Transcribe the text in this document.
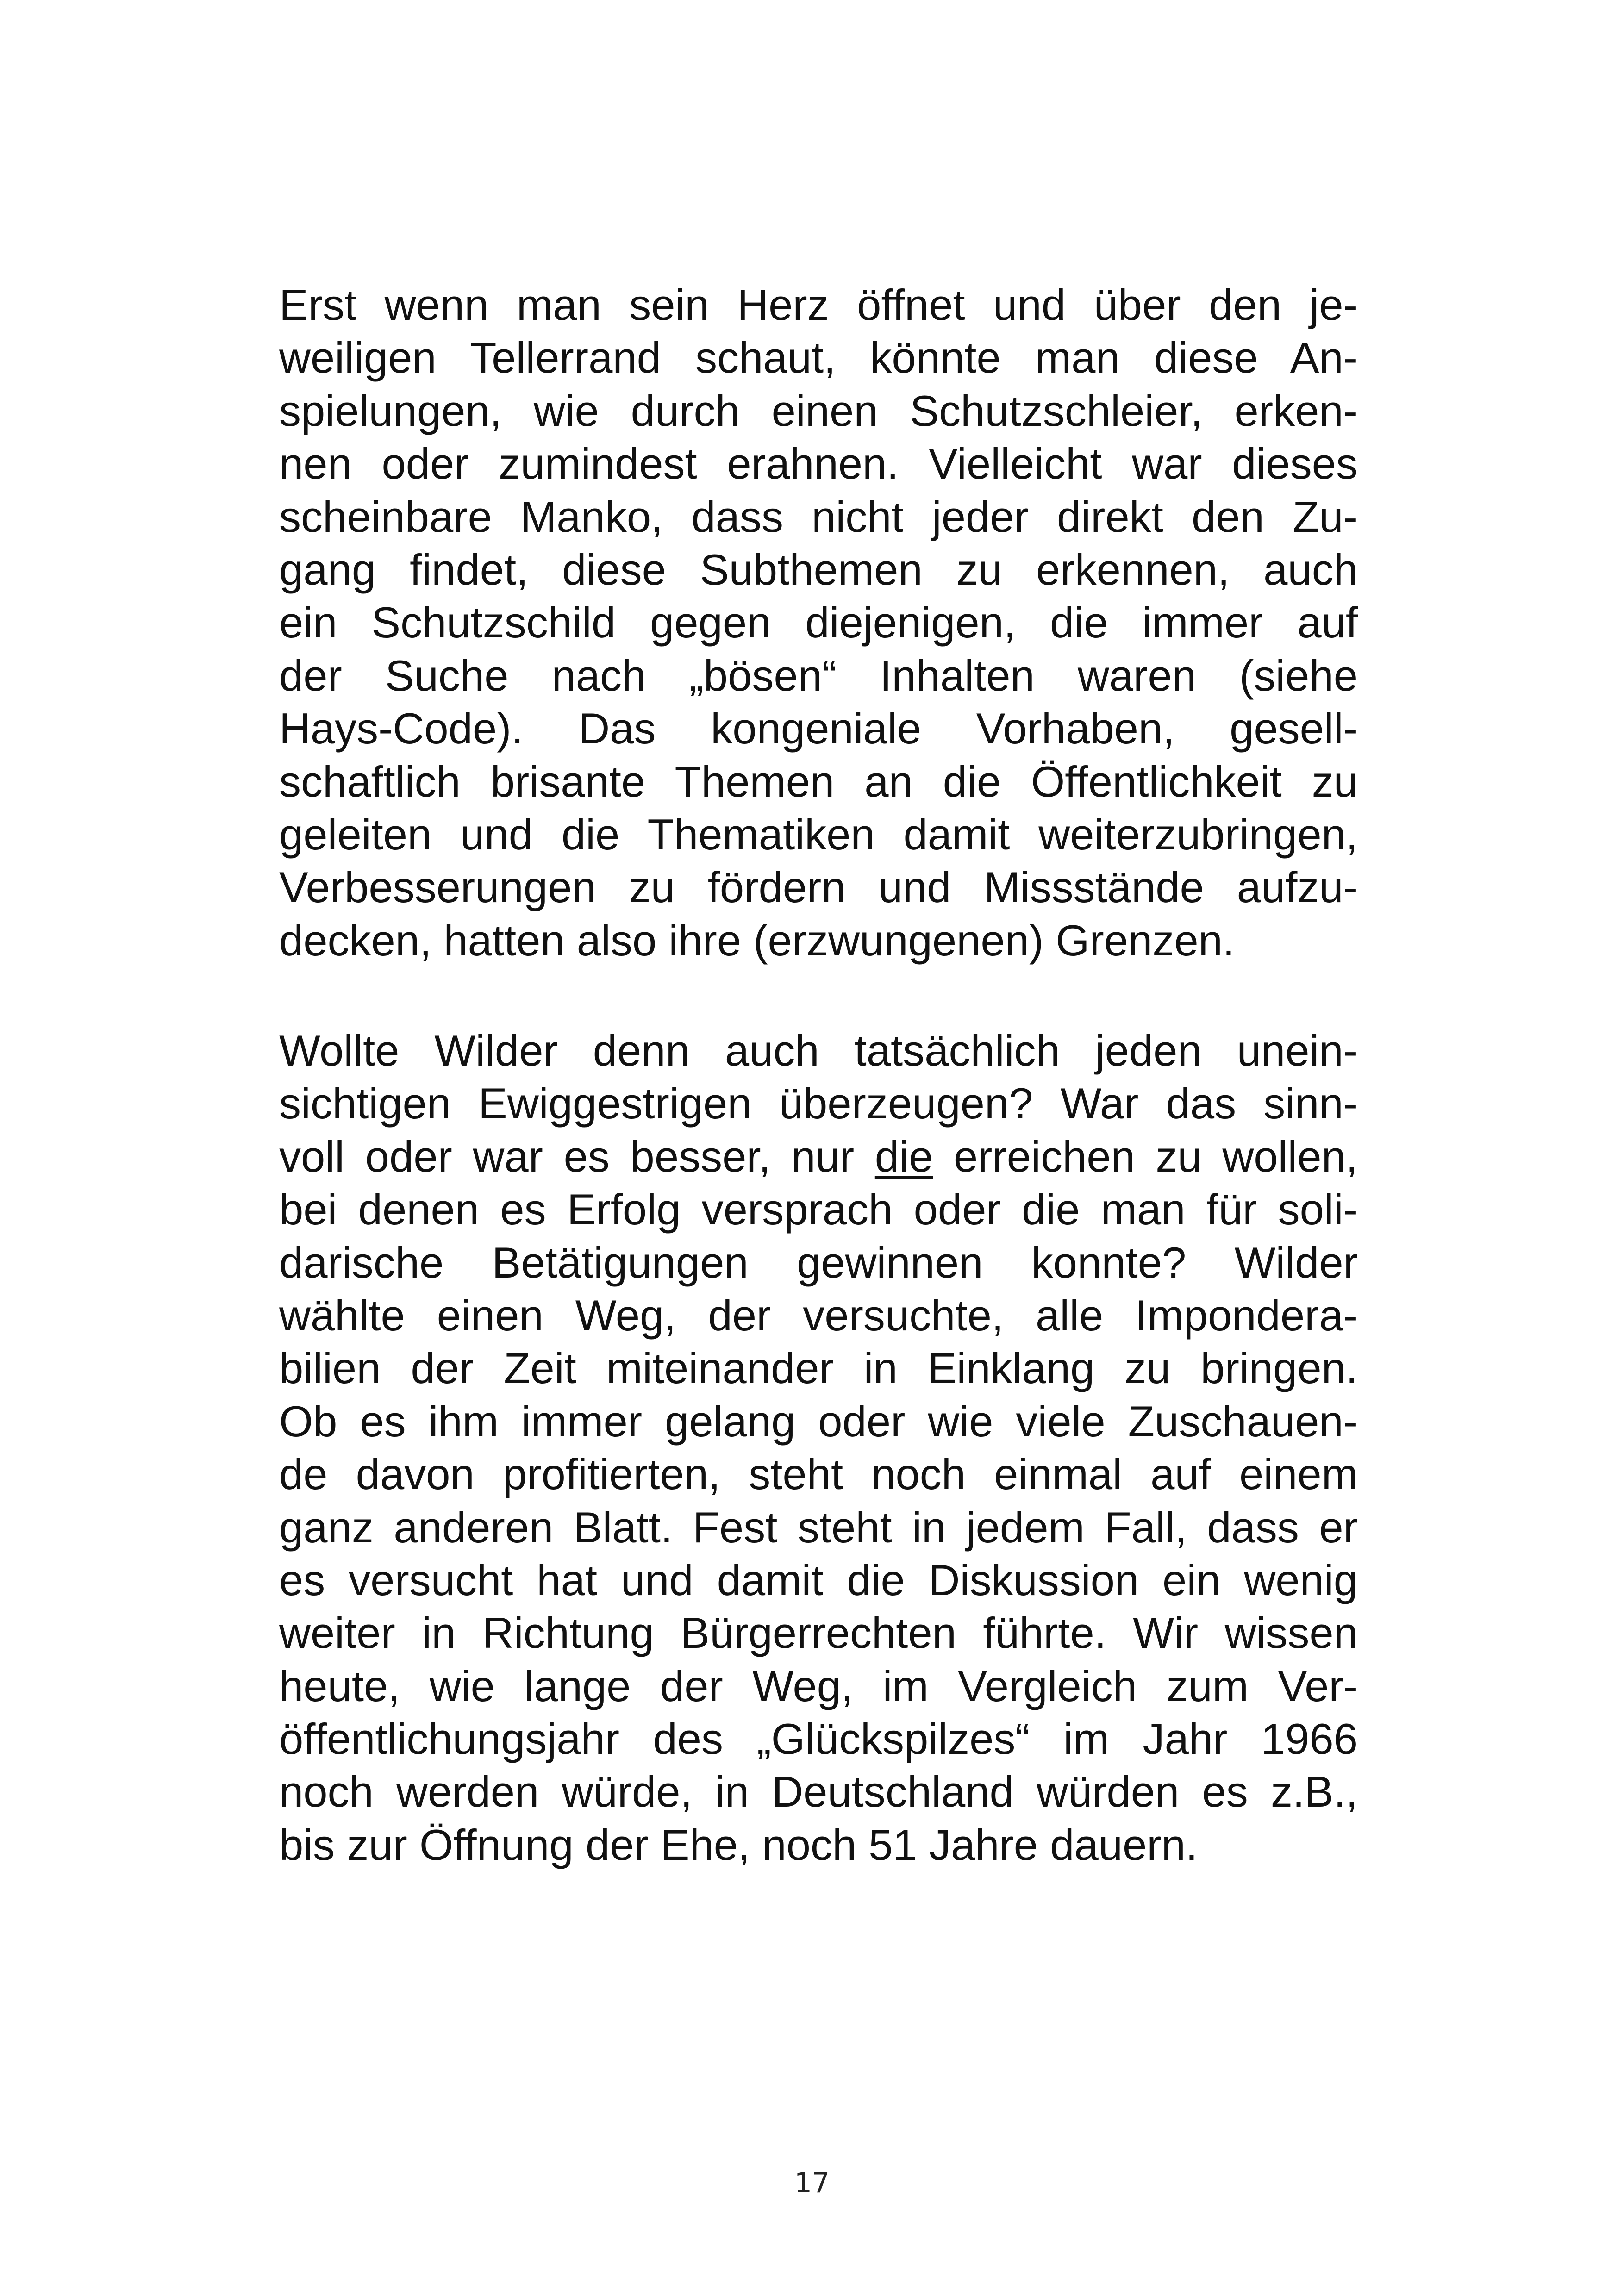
Erst wenn man sein Herz öffnet und über den je-
weiligen Tellerrand schaut, könnte man diese An-
spielungen, wie durch einen Schutzschleier, erken-
nen oder zumindest erahnen. Vielleicht war dieses
scheinbare Manko, dass nicht jeder direkt den Zu-
gang findet, diese Subthemen zu erkennen, auch
ein Schutzschild gegen diejenigen, die immer auf
der Suche nach „bösen“ Inhalten waren (siehe
Hays-Code). Das kongeniale Vorhaben, gesell-
schaftlich brisante Themen an die Öffentlichkeit zu
geleiten und die Thematiken damit weiterzubringen,
Verbesserungen zu fördern und Missstände aufzu-
decken, hatten also ihre (erzwungenen) Grenzen.
Wollte Wilder denn auch tatsächlich jeden unein-
sichtigen Ewiggestrigen überzeugen? War das sinn-
voll oder war es besser, nur die erreichen zu wollen,
bei denen es Erfolg versprach oder die man für soli-
darische Betätigungen gewinnen konnte? Wilder
wählte einen Weg, der versuchte, alle Impondera-
bilien der Zeit miteinander in Einklang zu bringen.
Ob es ihm immer gelang oder wie viele Zuschauen-
de davon profitierten, steht noch einmal auf einem
ganz anderen Blatt. Fest steht in jedem Fall, dass er
es versucht hat und damit die Diskussion ein wenig
weiter in Richtung Bürgerrechten führte. Wir wissen
heute, wie lange der Weg, im Vergleich zum Ver-
öffentlichungsjahr des „Glückspilzes“ im Jahr 1966
noch werden würde, in Deutschland würden es z.B.,
bis zur Öffnung der Ehe, noch 51 Jahre dauern.
17
